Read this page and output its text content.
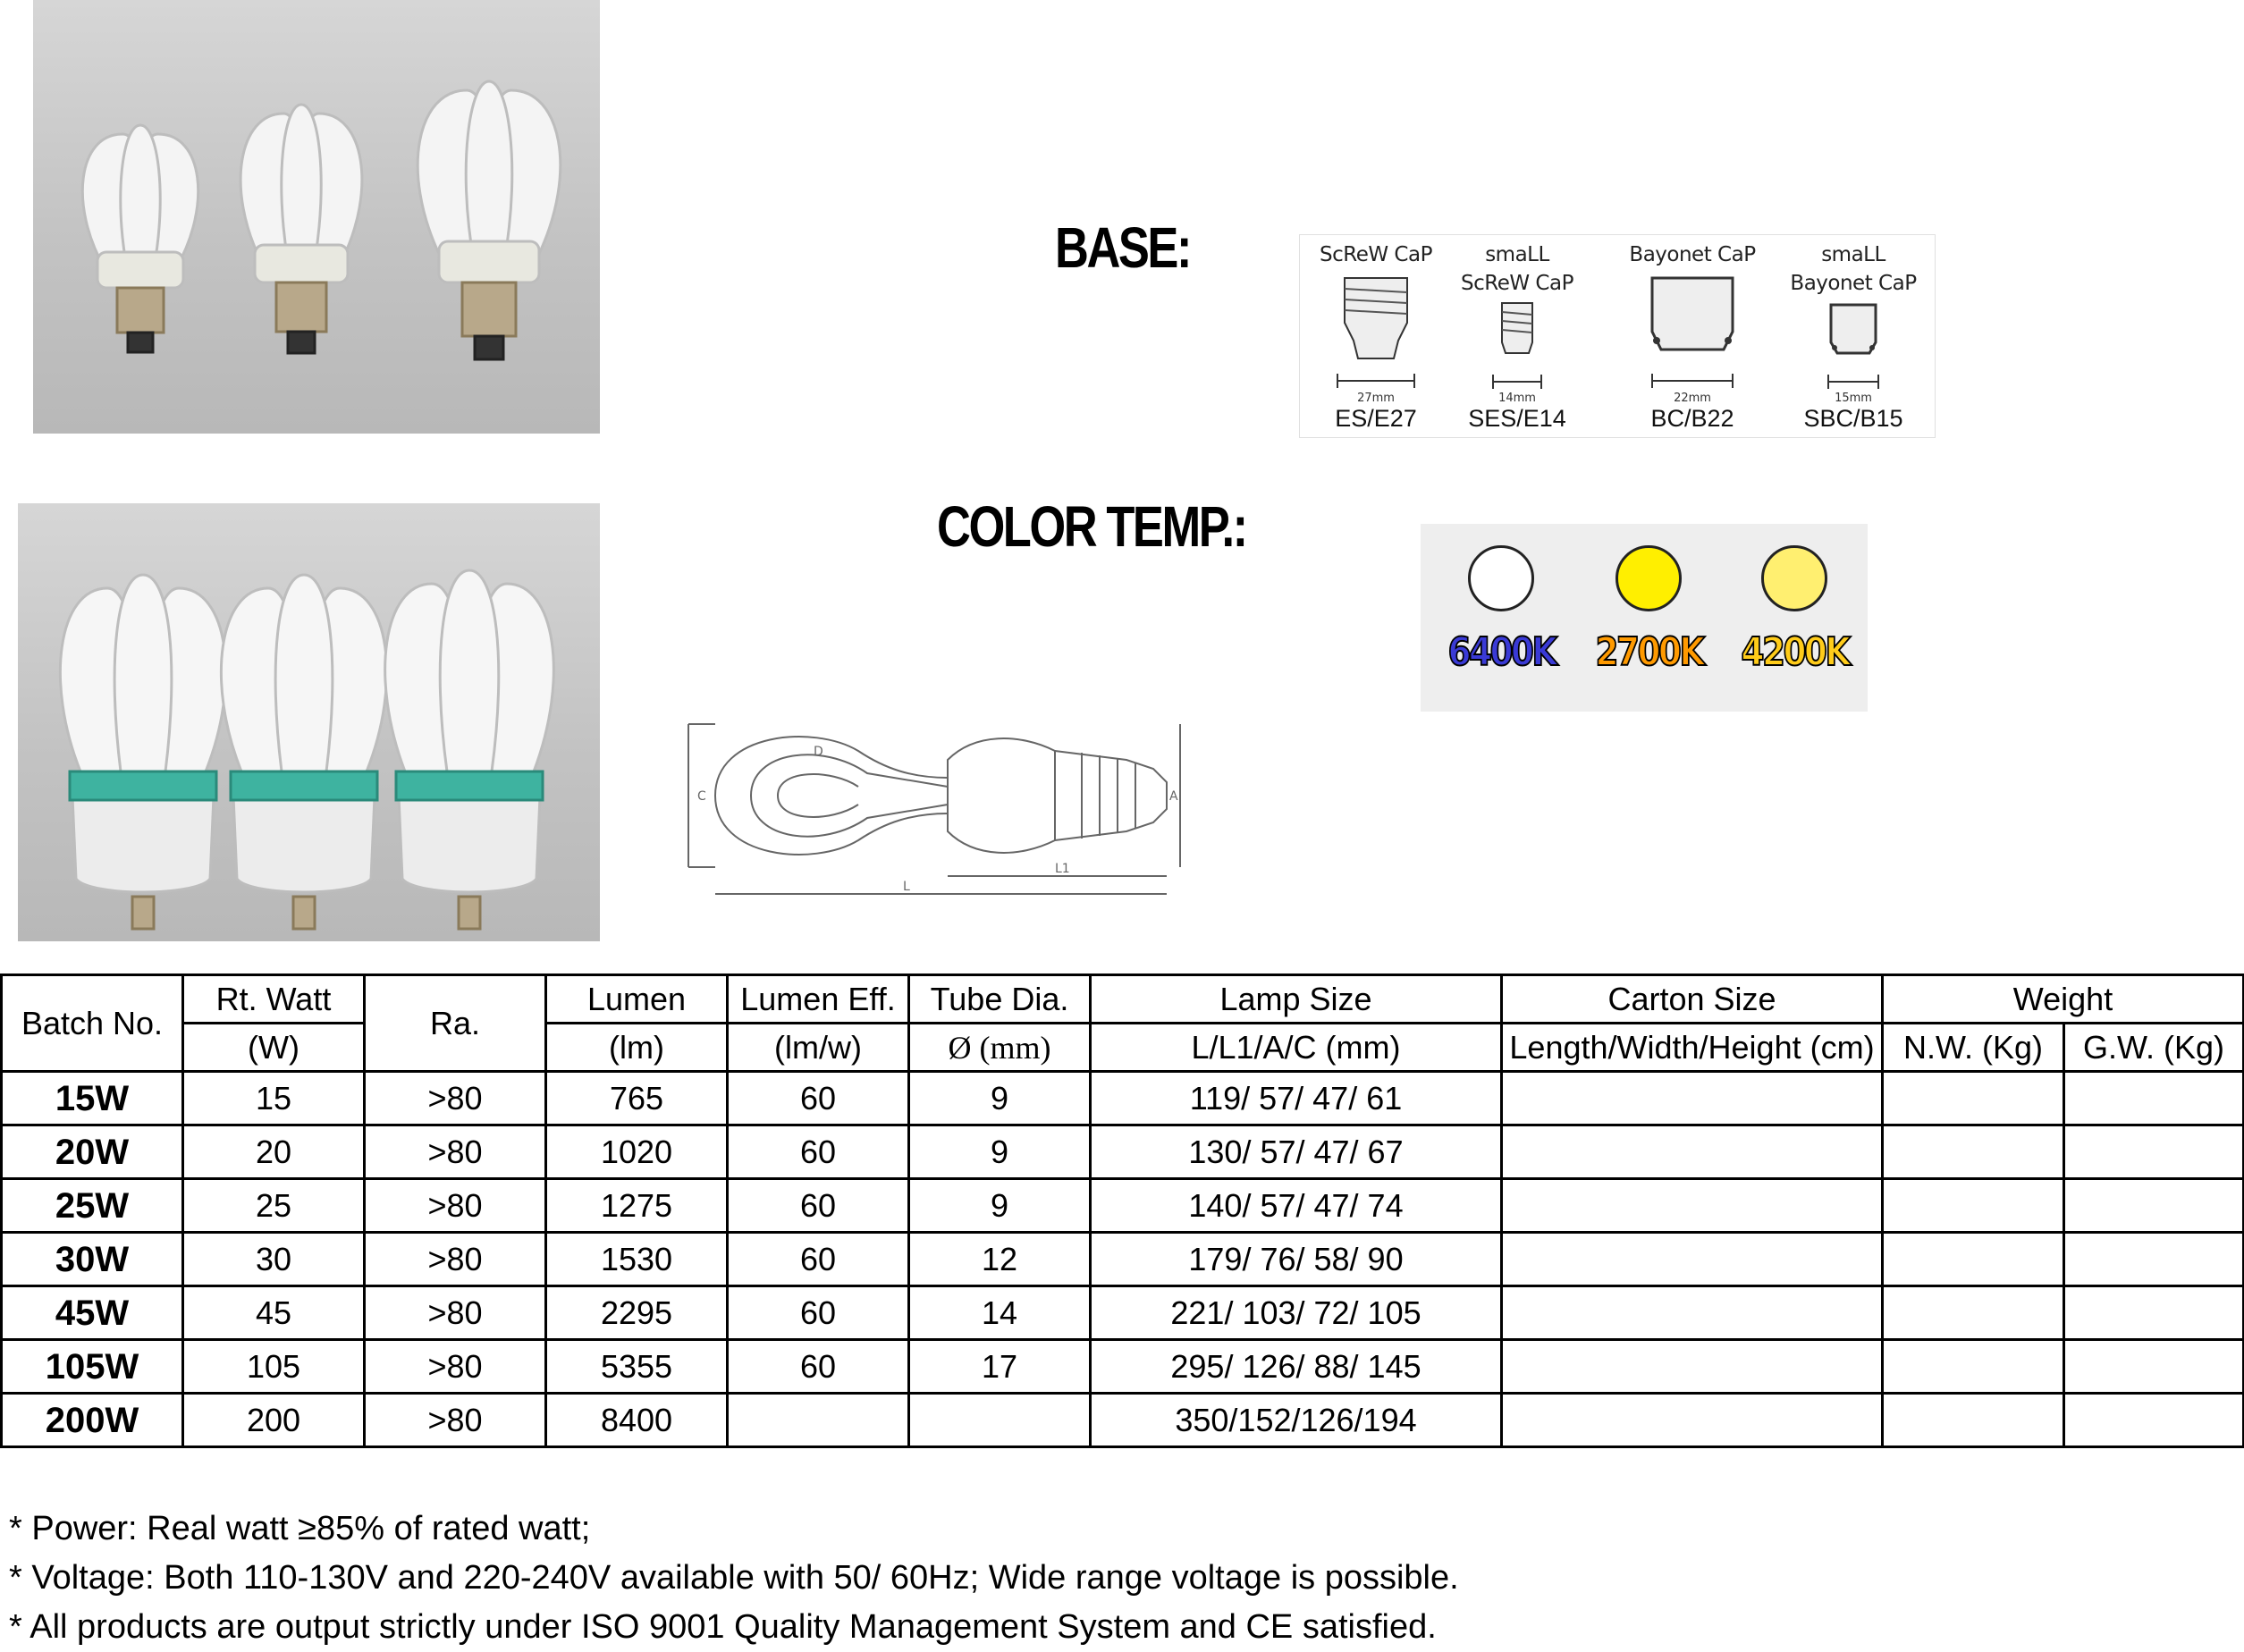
BASE:	ScReW CaP
27mm
ES/E27
smaLL
ScReW CaP
14mm
SES/E14
Bayonet CaP
22mm
BC/B22
smaLL
Bayonet CaP
15mm
SBC/B15
COLOR TEMP.:
6400K 2700K 4200K
C
D
A
L1
L
Batch No.	Rt. Watt	Ra.	Lumen	Lumen Eff.	Tube Dia.	Lamp Size	Carton Size	Weight	
	(W)		(lm)	(lm/w)	Ø (mm)	L/L1/A/C (mm)	Length/Width/Height (cm)	N.W. (Kg)	G.W. (Kg)
15W	15	>80	765	60	9	119/ 57/ 47/ 61			
20W	20	>80	1020	60	9	130/ 57/ 47/ 67			
25W	25	>80	1275	60	9	140/ 57/ 47/ 74			
30W	30	>80	1530	60	12	179/ 76/ 58/ 90			
45W	45	>80	2295	60	14	221/ 103/ 72/ 105			
105W	105	>80	5355	60	17	295/ 126/ 88/ 145			
200W	200	>80	8400			350/152/126/194			
* Power: Real watt ≥85% of rated watt;
* Voltage: Both 110-130V and 220-240V available with 50/ 60Hz; Wide range voltage is possible.
* All products are output strictly under ISO 9001 Quality Management System and CE satisfied.
